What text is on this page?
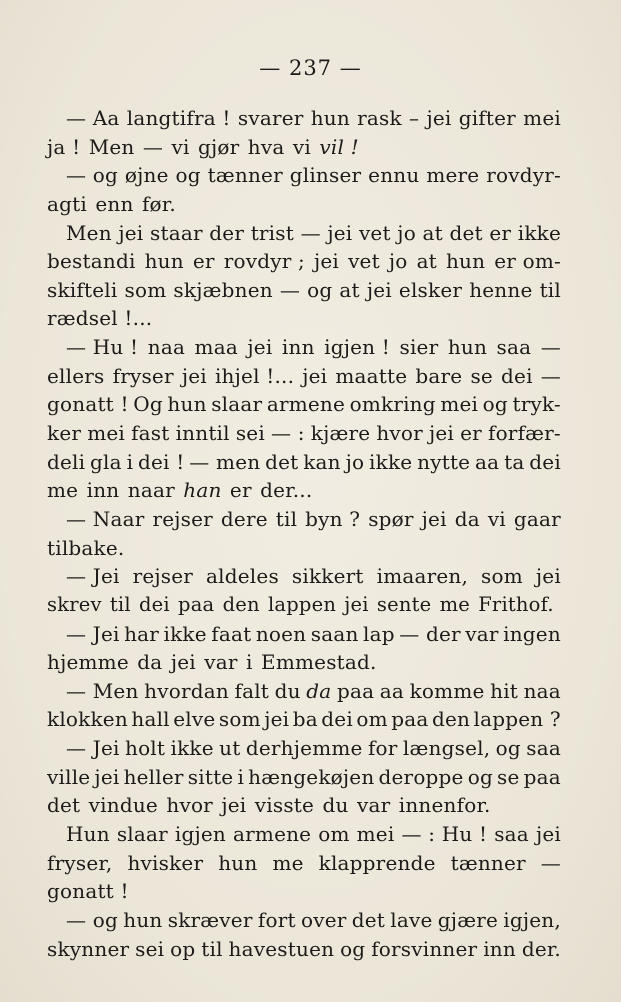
— 237 —
— Aa langtifra ! svarer hun rask – jei gifter mei
ja ! Men — vi gjør hva vi vil !
— og øjne og tænner glinser ennu mere rovdyr-
agti enn før.
Men jei staar der trist — jei vet jo at det er ikke
bestandi hun er rovdyr ; jei vet jo at hun er om-
skifteli som skjæbnen — og at jei elsker henne til
rædsel !...
— Hu ! naa maa jei inn igjen ! sier hun saa —
ellers fryser jei ihjel !... jei maatte bare se dei —
gonatt ! Og hun slaar armene omkring mei og tryk-
ker mei fast inntil sei — : kjære hvor jei er forfær-
deli gla i dei ! — men det kan jo ikke nytte aa ta dei
me inn naar han er der...
— Naar rejser dere til byn ? spør jei da vi gaar
tilbake.
— Jei rejser aldeles sikkert imaaren, som jei
skrev til dei paa den lappen jei sente me Frithof.
— Jei har ikke faat noen saan lap — der var ingen
hjemme da jei var i Emmestad.
— Men hvordan falt du da paa aa komme hit naa
klokken hall elve som jei ba dei om paa den lappen ?
— Jei holt ikke ut derhjemme for længsel, og saa
ville jei heller sitte i hængekøjen deroppe og se paa
det vindue hvor jei visste du var innenfor.
Hun slaar igjen armene om mei — : Hu ! saa jei
fryser, hvisker hun me klapprende tænner —
gonatt !
— og hun skræver fort over det lave gjære igjen,
skynner sei op til havestuen og forsvinner inn der.
